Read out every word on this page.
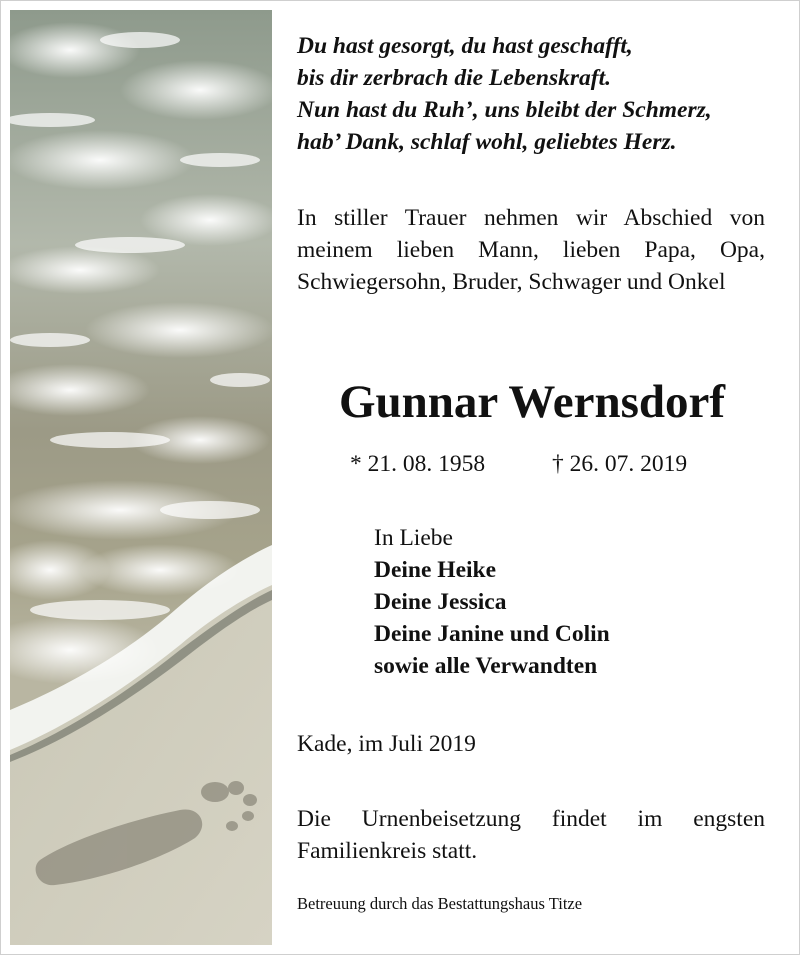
Du hast gesorgt, du hast geschafft,
bis dir zerbrach die Lebenskraft.
Nun hast du Ruh’, uns bleibt der Schmerz,
hab’ Dank, schlaf wohl, geliebtes Herz.
In stiller Trauer nehmen wir Abschied von meinem lieben Mann, lieben Papa, Opa, Schwiegersohn, Bruder, Schwager und Onkel
Gunnar Wernsdorf
* 21. 08. 1958	† 26. 07. 2019
In Liebe
Deine Heike
Deine Jessica
Deine Janine und Colin
sowie alle Verwandten
Kade, im Juli 2019
Die Urnenbeisetzung findet im engsten Familienkreis statt.
Betreuung durch das Bestattungshaus Titze
